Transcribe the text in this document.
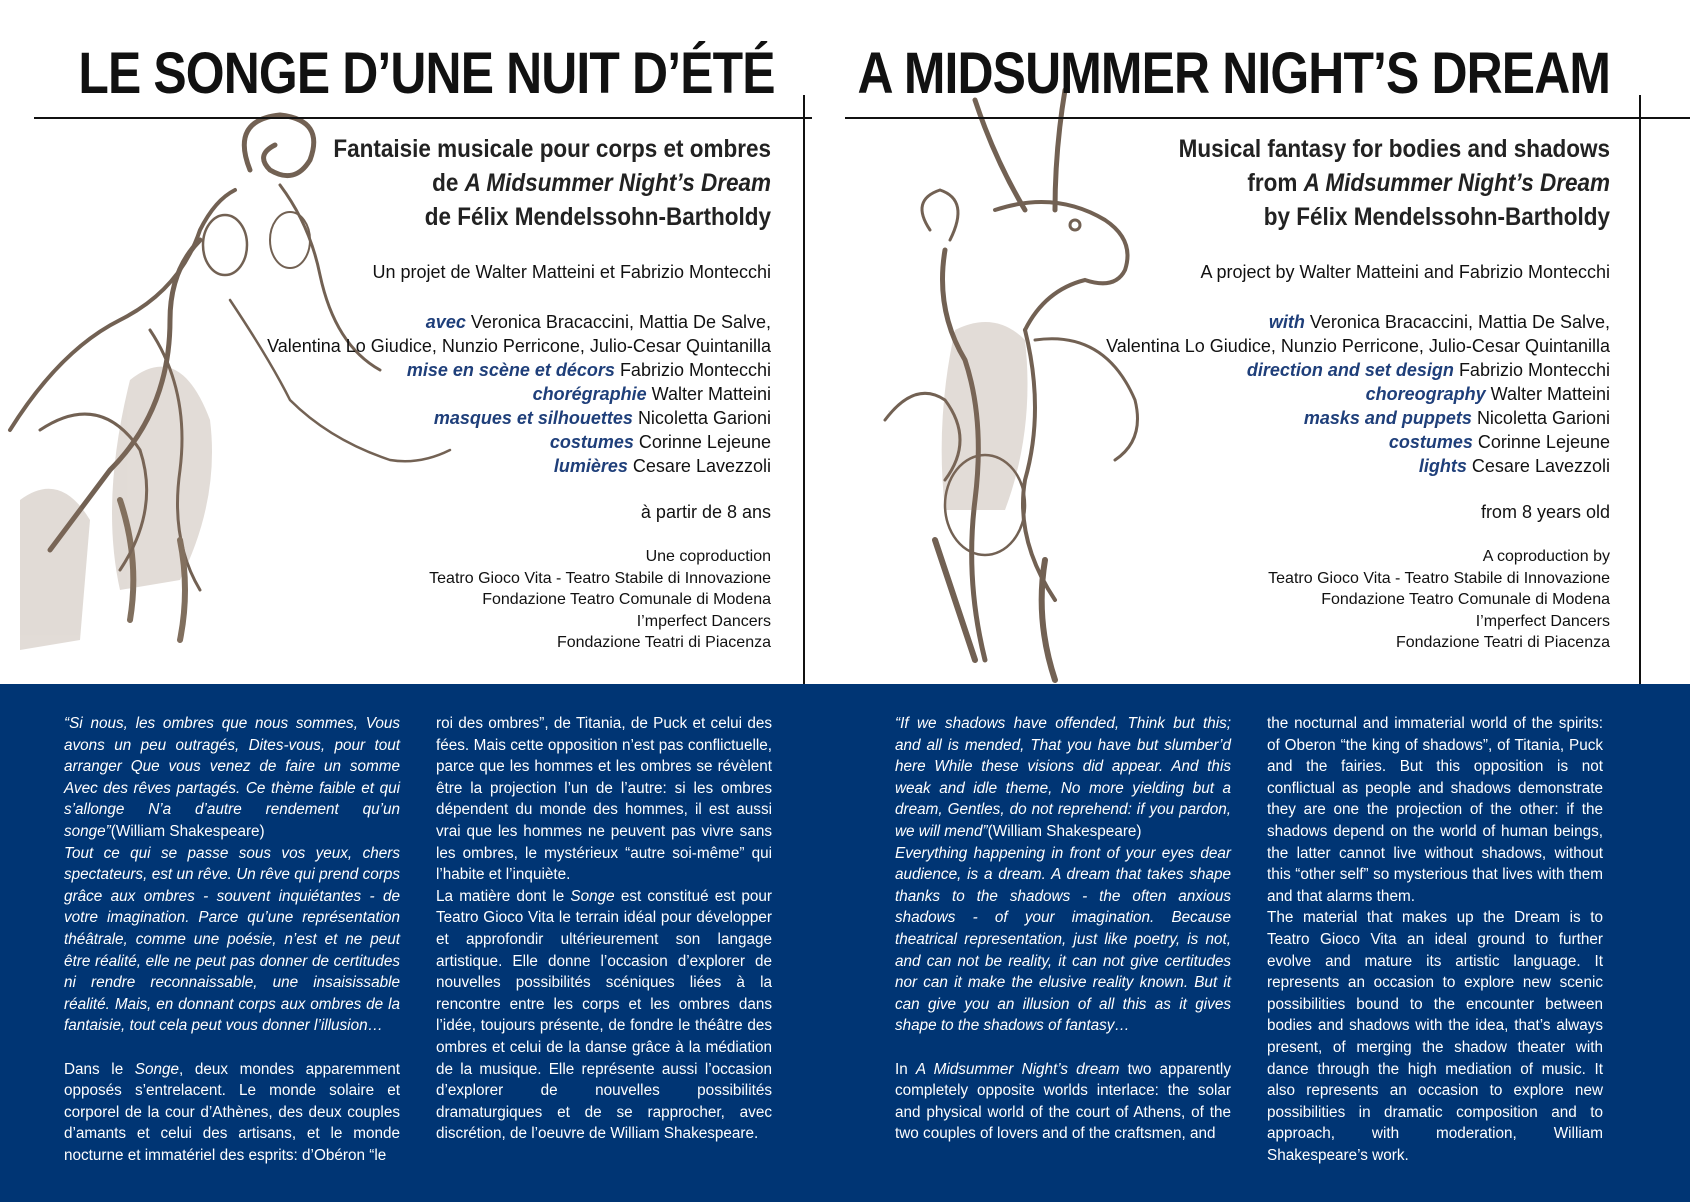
LE SONGE D’UNE NUIT D’ÉTÉ
Fantaisie musicale pour corps et ombres
de A Midsummer Night’s Dream
de Félix Mendelssohn-Bartholdy
Un projet de Walter Matteini et Fabrizio Montecchi
avec Veronica Bracaccini, Mattia De Salve,
Valentina Lo Giudice, Nunzio Perricone, Julio-Cesar Quintanilla
mise en scène et décors Fabrizio Montecchi
chorégraphie Walter Matteini
masques et silhouettes Nicoletta Garioni
costumes Corinne Lejeune
lumières Cesare Lavezzoli
à partir de 8 ans
Une coproduction
Teatro Gioco Vita - Teatro Stabile di Innovazione
Fondazione Teatro Comunale di Modena
I’mperfect Dancers
Fondazione Teatri di Piacenza

“Si nous, les ombres que nous sommes, Vous avons un peu outragés, Dites-vous, pour tout arranger Que vous venez de faire un somme Avec des rêves partagés. Ce thème faible et qui s’allonge N’a d’autre rendement qu’un songe”(William Shakespeare)

Tout ce qui se passe sous vos yeux, chers spectateurs, est un rêve. Un rêve qui prend corps grâce aux ombres - souvent inquiétantes - de votre imagination. Parce qu’une représentation théâtrale, comme une poésie, n’est et ne peut être réalité, elle ne peut pas donner de certitudes ni rendre reconnaissable, une insaisissable réalité. Mais, en donnant corps aux ombres de la fantaisie, tout cela peut vous donner l’illusion…

Dans le Songe, deux mondes apparemment opposés s’entrelacent. Le monde solaire et corporel de la cour d’Athènes, des deux couples d’amants et celui des artisans, et le monde nocturne et immatériel des esprits: d’Obéron “le

roi des ombres”, de Titania, de Puck et celui des fées. Mais cette opposition n’est pas conflictuelle, parce que les hommes et les ombres se révèlent être la projection l’un de l’autre: si les ombres dépendent du monde des hommes, il est aussi vrai que les hommes ne peuvent pas vivre sans les ombres, le mystérieux “autre soi-même” qui l’habite et l’inquiète.

La matière dont le Songe est constitué est pour Teatro Gioco Vita le terrain idéal pour développer et approfondir ultérieurement son langage artistique. Elle donne l’occasion d’explorer de nouvelles possibilités scéniques liées à la rencontre entre les corps et les ombres dans l’idée, toujours présente, de fondre le théâtre des ombres et celui de la danse grâce à la médiation de la musique. Elle représente aussi l’occasion d’explorer de nouvelles possibilités dramaturgiques et de se rapprocher, avec discrétion, de l’oeuvre de William Shakespeare.

A MIDSUMMER NIGHT’S DREAM
Musical fantasy for bodies and shadows
from A Midsummer Night’s Dream
by Félix Mendelssohn-Bartholdy
A project by Walter Matteini and Fabrizio Montecchi
with Veronica Bracaccini, Mattia De Salve,
Valentina Lo Giudice, Nunzio Perricone, Julio-Cesar Quintanilla
direction and set design Fabrizio Montecchi
choreography Walter Matteini
masks and puppets Nicoletta Garioni
costumes Corinne Lejeune
lights Cesare Lavezzoli
from 8 years old
A coproduction by
Teatro Gioco Vita - Teatro Stabile di Innovazione
Fondazione Teatro Comunale di Modena
I’mperfect Dancers
Fondazione Teatri di Piacenza

“If we shadows have offended, Think but this; and all is mended, That you have but slumber’d here While these visions did appear. And this weak and idle theme, No more yielding but a dream, Gentles, do not reprehend: if you pardon, we will mend”(William Shakespeare)

Everything happening in front of your eyes dear audience, is a dream. A dream that takes shape thanks to the shadows - the often anxious shadows - of your imagination. Because theatrical representation, just like poetry, is not, and can not be reality, it can not give certitudes nor can it make the elusive reality known. But it can give you an illusion of all this as it gives shape to the shadows of fantasy…

In A Midsummer Night’s dream two apparently completely opposite worlds interlace: the solar and physical world of the court of Athens, of the two couples of lovers and of the craftsmen, and

the nocturnal and immaterial world of the spirits: of Oberon “the king of shadows”, of Titania, Puck and the fairies. But this opposition is not conflictual as people and shadows demonstrate they are one the projection of the other: if the shadows depend on the world of human beings, the latter cannot live without shadows, without this “other self” so mysterious that lives with them and that alarms them.

The material that makes up the Dream is to Teatro Gioco Vita an ideal ground to further evolve and mature its artistic language. It represents an occasion to explore new scenic possibilities bound to the encounter between bodies and shadows with the idea, that’s always present, of merging the shadow theater with dance through the high mediation of music. It also represents an occasion to explore new possibilities in dramatic composition and to approach, with moderation, William Shakespeare’s work.
